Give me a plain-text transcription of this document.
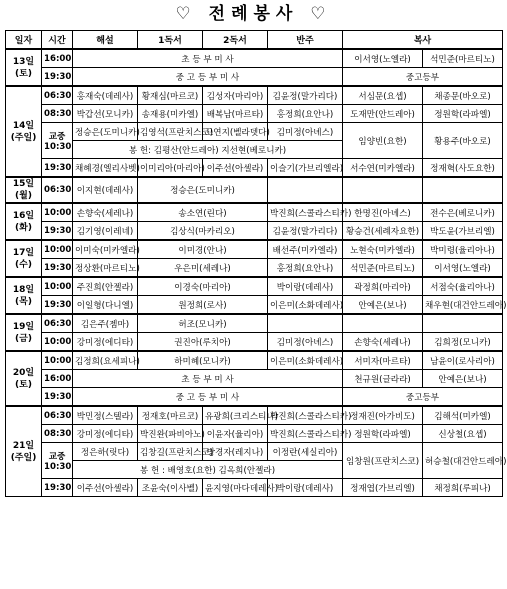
♡ 전례봉사 ♡
일자	시간	해설	1독서	2독서	반주	복사	

13일
(토)	16:00	초 등 부 미 사				이서영(노엘라)	석민준(마르티노)
	19:30	중 고 등 부 미 사				중고등부	

14일
(주일)	06:30	홍재숙(데레사)	황재심(마르코)	김성자(마리아)	김윤정(말가리다)	서심문(요셉)	채종문(바오로)
	08:30	박갑선(모니카)	송재용(미카엘)	배복남(마르타)	홍정희(요안나)	도재만(안드레아)	정원학(라파엘)

	교중
10:30	정승은(도미니카)	김영석(프란치스코)	고연지(벨라뎃다)	김미정(아녜스)	임양빈(요한)	황용주(바오로)
		봉 헌: 김평산(안드레아) 지선현(베로니카)					
	19:30	채혜경(엘리사벳)	이미리아(마리아)	이주선(아셀라)	이슬기(가브리엘라)	서수연(미카엘라)	정재혁(사도요한)

15일
(월)	06:30	이지현(데레사)	정승은(도미니카)				

16일
(화)	10:00	손향숙(세레나)	송소연(린다)		박진희(스콜라스티카)	한명진(아녜스)	전수은(베로니카)
	19:30	김기영(이레네)	김상식(마카리오)		김윤정(말가리다)	황승건(세례자요한)	박도윤(가브리엘)

17일
(수)	10:00	이미숙(미카엘라)	이미경(안나)		배선주(미카엘라)	노현숙(미카엘라)	박미령(율리아나)
	19:30	정상환(마르티노)	우은미(세레나)		홍정희(요안나)	석민준(마르티노)	이서영(노엘라)

18일
(목)	10:00	주진희(안젤라)	이경숙(마리아)		박이랑(데레사)	곽정희(마리아)	서점숙(율리아나)
	19:30	이일형(다니엘)	원정희(로사)		이은미(소화데레사)	안예은(보나)	채우현(대건안드레아)

19일
(금)	06:30	김은주(젬마)	허조(모니카)				
	10:00	강미정(에디타)	권진아(루치아)		김미정(아녜스)	손향숙(세레나)	김희정(모니카)

20일
(토)	10:00	김정희(요세피나)	하미혜(모니카)		이은미(소화데레사)	서미자(마르타)	남윤이(로사리아)
	16:00	초 등 부 미 사				천규원(글라라)	안예은(보나)
	19:30	중 고 등 부 미 사				중고등부	

21일
(주일)	06:30	박민정(스텔라)	정재호(마르코)	유광희(크리스티나)	박진희(스콜라스티카)	정재진(아가비도)	김해석(미카엘)
	08:30	강미정(에디타)	박진완(파비아노)	이윤자(율리아)	박진희(스콜라스티카)	정원학(라파엘)	신상철(요셉)

	교중
10:30	정은하(릿다)	김창길(프란치스코)	방경자(레지나)	이정란(세실리아)	임창원(프란치스코)	허승철(대건안드레아)
		봉 헌 : 배영호(요한) 김옥희(안젤라)					
	19:30	이주선(아셀라)	조윤숙(이사벨)	윤지영(마다데레사)	박이랑(데레사)	정재엽(가브리엘)	채정희(루피나)
